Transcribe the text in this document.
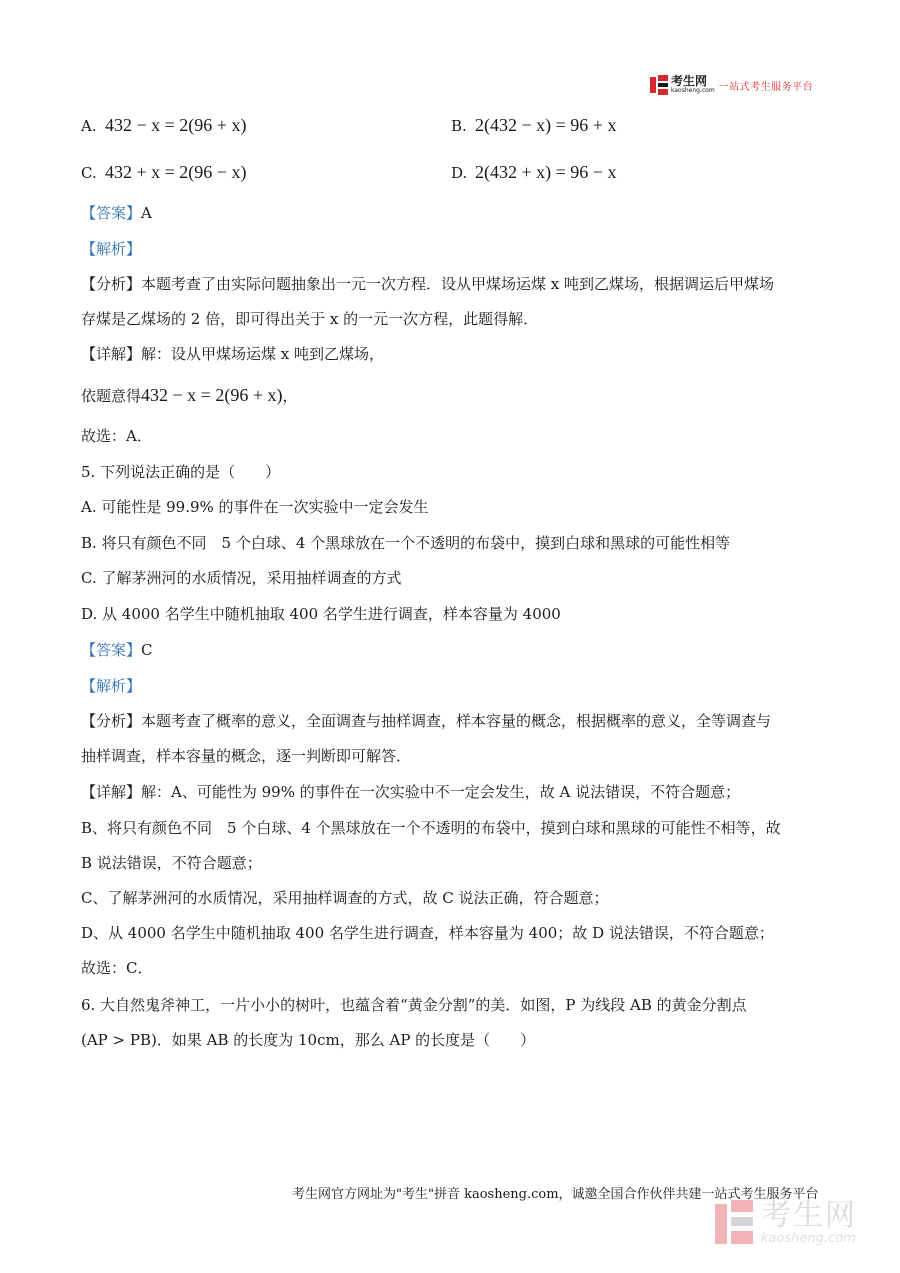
考生网
kaosheng.com 一站式考生服务平台
A. 432 − x = 2(96 + x)	B. 2(432 − x) = 96 + x
C. 432 + x = 2(96 − x)	D. 2(432 + x) = 96 − x
【答案】A
【解析】
【分析】本题考查了由实际问题抽象出一元一次方程．设从甲煤场运煤 x 吨到乙煤场，根据调运后甲煤场
存煤是乙煤场的 2 倍，即可得出关于 x 的一元一次方程，此题得解．
【详解】解：设从甲煤场运煤 x 吨到乙煤场，
依题意得432 − x = 2(96 + x)，
故选：A．
5. 下列说法正确的是（　　）
A. 可能性是 99.9% 的事件在一次实验中一定会发生
B. 将只有颜色不同　5 个白球、4 个黑球放在一个不透明的布袋中，摸到白球和黑球的可能性相等
C. 了解茅洲河的水质情况，采用抽样调查的方式
D. 从 4000 名学生中随机抽取 400 名学生进行调查，样本容量为 4000
【答案】C
【解析】
【分析】本题考查了概率的意义，全面调查与抽样调查，样本容量的概念，根据概率的意义，全等调查与
抽样调查，样本容量的概念，逐一判断即可解答．
【详解】解：A、可能性为 99% 的事件在一次实验中不一定会发生，故 A 说法错误，不符合题意；
B、将只有颜色不同　5 个白球、4 个黑球放在一个不透明的布袋中，摸到白球和黑球的可能性不相等，故
B 说法错误，不符合题意；
C、了解茅洲河的水质情况，采用抽样调查的方式，故 C 说法正确，符合题意；
D、从 4000 名学生中随机抽取 400 名学生进行调查，样本容量为 400；故 D 说法错误，不符合题意；
故选：C．
6. 大自然鬼斧神工，一片小小的树叶，也蕴含着“黄金分割”的美．如图，P 为线段 AB 的黄金分割点
(AP > PB)．如果 AB 的长度为 10cm，那么 AP 的长度是（　　）
考生网官方网址为"考生"拼音 kaosheng.com，诚邀全国合作伙伴共建一站式考生服务平台
考生网
kaosheng.com
